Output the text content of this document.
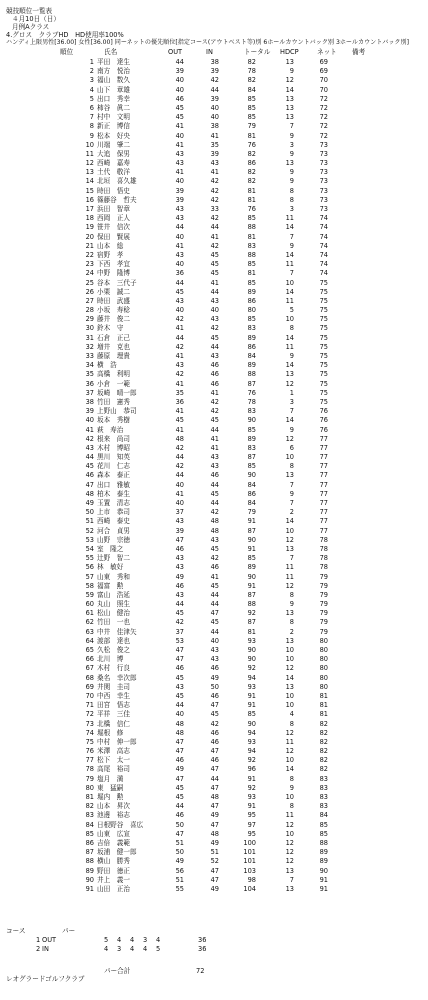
競技順位一覧表
４月10日（日）
月例Aクラス
4.グロス　クラブHD　HD使用率100%
ハンディ上限男性[36.00] 女性[36.00] 同ーネットの優先順位[指定コース(アウトベスト等)別 6ホールカウントバック別 3ホールカウントバック別]
順位	氏名	OUT	IN	トータル HDCP	ネット 備考
1 平田　達生	44	38	82	13	69
2 南方　悦治	39	39	78	9	69
3 福山　数久	40	42	82	12	70
4 山下　章雄	40	44	84	14	70
5 出口　秀幸	46	39	85	13	72
6 柿谷　眞二	45	40	85	13	72
7 村中　文明	45	40	85	13	72
8 新正　博信	41	38	79	7	72
9 松本　好央	40	41	81	9	72
10 川端　肇二	41	35	76	3	73
11 大追　保男	43	39	82	9	73
12 西崎　嘉寿	43	43	86	13	73
13 土代　敬洋	41	41	82	9	73
14 北垣　喜久雄	40	42	82	9	73
15 時田　悟史	39	42	81	8	73
16 篠藤谷　哲夫	39	42	81	8	73
17 浜田　智章	43	33	76	3	73
18 西岡　正人	43	42	85	11	74
19 笹井　信次	44	44	88	14	74
20 保田　賢展	40	41	81	7	74
21 山本　総	41	42	83	9	74
22 宿野　孝	43	45	88	14	74
23 下西　孝宜	40	45	85	11	74
24 中野　隆博	36	45	81	7	74
25 谷本　三代子	44	41	85	10	75
26 小栗　誠二	45	44	89	14	75
27 時田　武盛	43	43	86	11	75
28 小坂　寿稔	40	40	80	5	75
29 藤井　俊二	42	43	85	10	75
30 鈴木　守	41	42	83	8	75
31 石倉　正己	44	45	89	14	75
32 増井　克也	42	44	86	11	75
33 藤原　理貴	41	43	84	9	75
34 横　浩	43	46	89	14	75
35 高橋　利明	42	46	88	13	75
36 小倉　一範	41	46	87	12	75
37 坂崎　晴一郎	35	41	76	1	75
38 竹田　憲秀	36	42	78	3	75
39 上野山　恭司	41	42	83	7	76
40 坂本　秀樹	45	45	90	14	76
41 萩　寿治	41	44	85	9	76
42 根来　尚司	48	41	89	12	77
43 木村　博昭	42	41	83	6	77
44 黒川　知英	44	43	87	10	77
45 花川　仁志	42	43	85	8	77
46 森本　泰正	44	46	90	13	77
47 出口　雅敏	40	44	84	7	77
48 柏木　泰生	41	45	86	9	77
49 玉置　清志	40	44	84	7	77
50 上市　恭司	37	42	79	2	77
51 西崎　泰史	43	48	91	14	77
52 河合　貞男	39	48	87	10	77
53 山野　宗徳	47	43	90	12	78
54 室　隆之	46	45	91	13	78
55 辻野　智二	43	42	85	7	78
56 林　敏好	43	46	89	11	78
57 山東　秀和	49	41	90	11	79
58 福富　勲	46	45	91	12	79
59 富山　浩延	43	44	87	8	79
60 丸山　照生	44	44	88	9	79
61 松山　健治	45	47	92	13	79
62 竹田　一也	42	45	87	8	79
63 中井　佳津矢	37	44	81	2	79
64 渡部　達也	53	40	93	13	80
65 久松　俊之	47	43	90	10	80
66 北川　博	47	43	90	10	80
67 木村　行良	46	46	92	12	80
68 桑名　幸次郎	45	49	94	14	80
69 井関　圭司	43	50	93	13	80
70 中西　幸生	45	46	91	10	81
71 田宮　悟志	44	47	91	10	81
72 平祥　三佳	40	45	85	4	81
73 北橋　信仁	48	42	90	8	82
74 堀根　修	48	46	94	12	82
75 中村　伸一郎	47	46	93	11	82
76 米澤　高志	47	47	94	12	82
77 松下　太一	46	46	92	10	82
78 高尾　裕司	49	47	96	14	82
79 塩月　満	47	44	91	8	83
80 東　猛嗣	45	47	92	9	83
81 堀内　勲	45	48	93	10	83
82 山本　昇次	44	47	91	8	83
83 池邊　裕志	46	49	95	11	84
84 日根野谷　喜広	50	47	97	12	85
85 山東　広宣	47	48	95	10	85
86 吉倍　義範	51	49	100	12	88
87 坂浦　健一郎	50	51	101	12	89
88 横山　勝秀	49	52	101	12	89
89 野田　徳正	56	47	103	13	90
90 井上　義一	51	47	98	7	91
91 山田　正治	55	49	104	13	91
コース	パー
1 OUT	5 4 4 3 4	36
2 IN	4 3 4 4 5	36
パー合計	72
レオグラードゴルフクラブ
